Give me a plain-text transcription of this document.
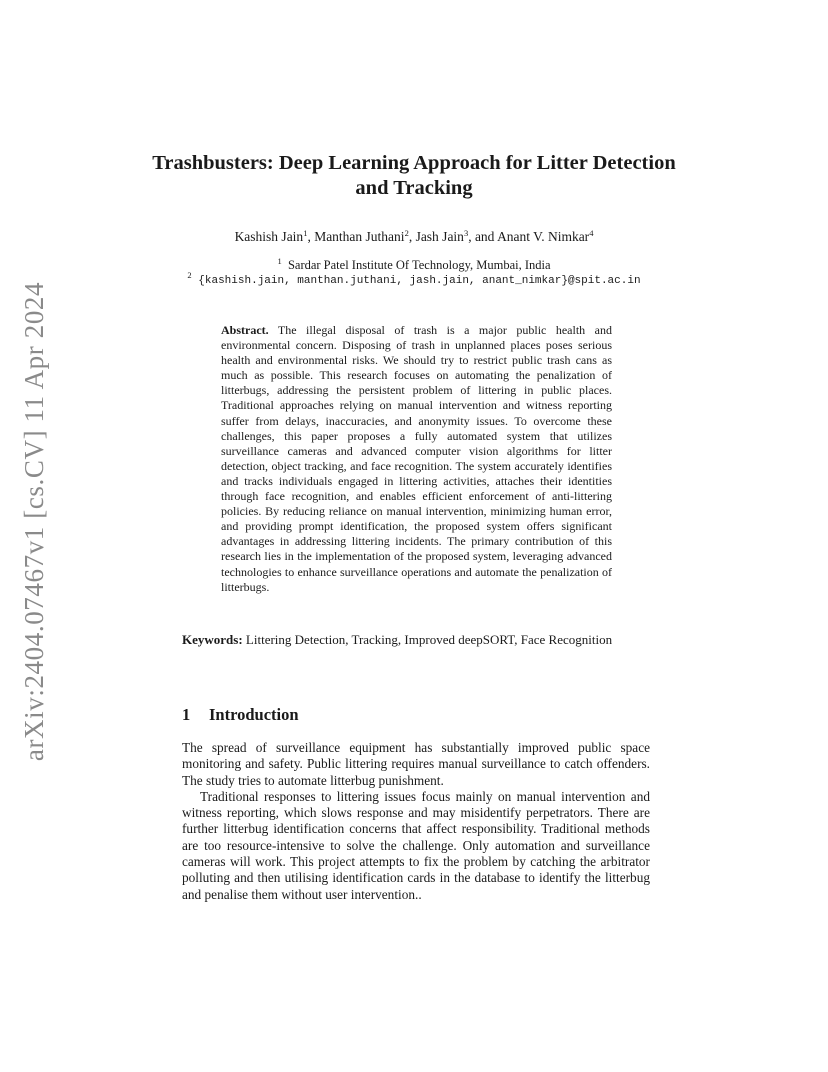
arXiv:2404.07467v1 [cs.CV] 11 Apr 2024
Trashbusters: Deep Learning Approach for Litter Detection and Tracking
Kashish Jain$^1$, Manthan Juthani$^2$, Jash Jain$^3$, and Anant V. Nimkar$^4$
$^1$ Sardar Patel Institute Of Technology, Mumbai, India
$^2$ {kashish.jain, manthan.juthani, jash.jain, anant_nimkar}@spit.ac.in
Abstract. The illegal disposal of trash is a major public health and environmental concern. Disposing of trash in unplanned places poses serious health and environmental risks. We should try to restrict public trash cans as much as possible. This research focuses on automating the penalization of litterbugs, addressing the persistent problem of littering in public places. Traditional approaches relying on manual intervention and witness reporting suffer from delays, inaccuracies, and anonymity issues. To overcome these challenges, this paper proposes a fully automated system that utilizes surveillance cameras and advanced computer vision algorithms for litter detection, object tracking, and face recognition. The system accurately identifies and tracks individuals engaged in littering activities, attaches their identities through face recognition, and enables efficient enforcement of anti-littering policies. By reducing reliance on manual intervention, minimizing human error, and providing prompt identification, the proposed system offers significant advantages in addressing littering incidents. The primary contribution of this research lies in the implementation of the proposed system, leveraging advanced technologies to enhance surveillance operations and automate the penalization of litterbugs.
Keywords: Littering Detection, Tracking, Improved deepSORT, Face Recognition
1 Introduction

The spread of surveillance equipment has substantially improved public space monitoring and safety. Public littering requires manual surveillance to catch offenders. The study tries to automate litterbug punishment.

Traditional responses to littering issues focus mainly on manual intervention and witness reporting, which slows response and may misidentify perpetrators. There are further litterbug identification concerns that affect responsibility. Traditional methods are too resource-intensive to solve the challenge. Only automation and surveillance cameras will work. This project attempts to fix the problem by catching the arbitrator polluting and then utilising identification cards in the database to identify the litterbug and penalise them without user intervention..
